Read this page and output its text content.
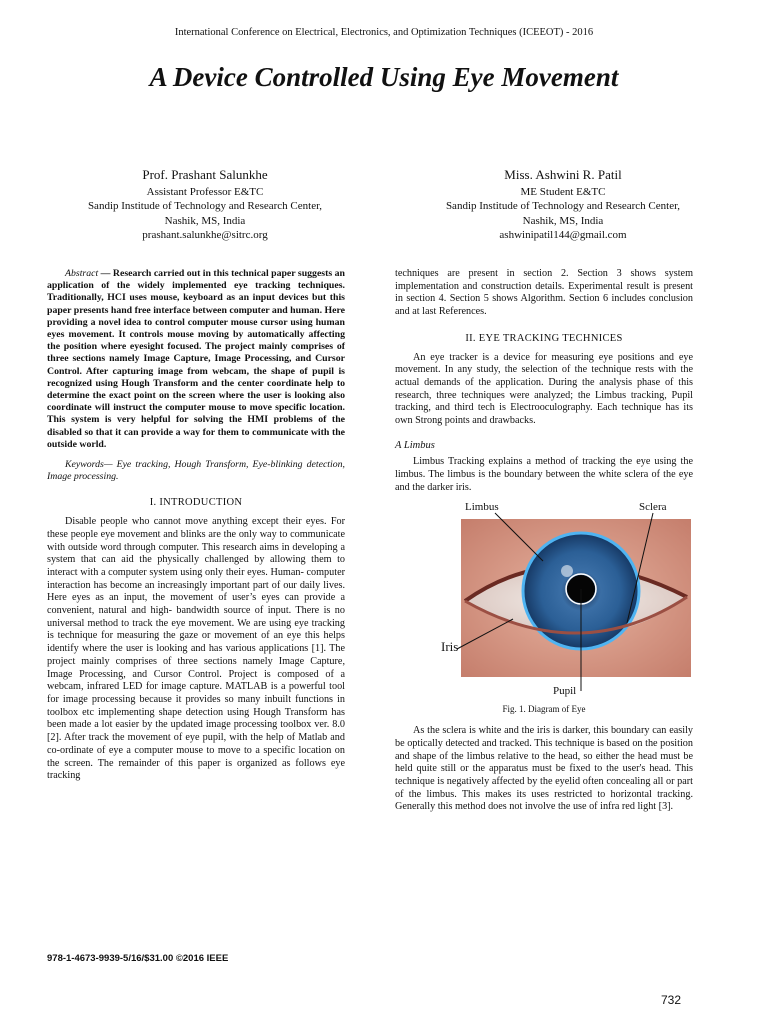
International Conference on Electrical, Electronics, and Optimization Techniques (ICEEOT) - 2016
A Device Controlled Using Eye Movement
Prof. Prashant Salunkhe
Assistant Professor E&TC
Sandip Institude of Technology and Research Center,
Nashik, MS, India
prashant.salunkhe@sitrc.org
Miss. Ashwini R. Patil
ME Student E&TC
Sandip Institude of Technology and Research Center,
Nashik, MS, India
ashwinipatil144@gmail.com

Abstract — Research carried out in this technical paper suggests an application of the widely implemented eye tracking techniques. Traditionally, HCI uses mouse, keyboard as an input devices but this paper presents hand free interface between computer and human. Here providing a novel idea to control computer mouse cursor using human eyes movement. It controls mouse moving by automatically affecting the position where eyesight focused. The project mainly comprises of three sections namely Image Capture, Image Processing, and Cursor Control. After capturing image from webcam, the shape of pupil is recognized using Hough Transform and the center coordinate help to determine the exact point on the screen where the user is looking also coordinate will instruct the computer mouse to move specific location. This system is very helpful for solving the HMI problems of the disabled so that it can provide a way for them to communicate with the outside world.

Keywords— Eye tracking, Hough Transform, Eye-blinking detection, Image processing.

I. INTRODUCTION

Disable people who cannot move anything except their eyes. For these people eye movement and blinks are the only way to communicate with outside word through computer. This research aims in developing a system that can aid the physically challenged by allowing them to interact with a computer system using only their eyes. Human- computer interaction has become an increasingly important part of our daily lives. Here eyes as an input, the movement of user’s eyes can provide a convenient, natural and high- bandwidth source of input. There is no universal method to track the eye movement. We are using eye tracking is technique for measuring the gaze or movement of an eye this helps identify where the user is looking and has various applications [1]. The project mainly comprises of three sections namely Image Capture, Image Processing, and Cursor Control. Project is composed of a webcam, infrared LED for image capture. MATLAB is a powerful tool for image processing because it provides so many inbuilt functions in toolbox etc implementing shape detection using Hough Transform has been made a lot easier by the updated image processing toolbox ver. 8.0 [2]. After track the movement of eye pupil, with the help of Matlab and co-ordinate of eye a computer mouse to move to a specific location on the screen. The remainder of this paper is organized as follows eye tracking

techniques are present in section 2. Section 3 shows system implementation and construction details. Experimental result is present in section 4. Section 5 shows Algorithm. Section 6 includes conclusion and at last References.

II. EYE TRACKING TECHNICES

An eye tracker is a device for measuring eye positions and eye movement. In any study, the selection of the technique rests with the actual demands of the application. During the analysis phase of this research, three techniques were analyzed; the Limbus tracking, Pupil tracking, and third tech is Electrooculography. Each technique has its own Strong points and drawbacks.

A Limbus

Limbus Tracking explains a method of tracking the eye using the limbus. The limbus is the boundary between the white sclera of the eye and the darker iris.

Limbus	Sclera
Iris
Pupil
Fig. 1. Diagram of Eye

As the sclera is white and the iris is darker, this boundary can easily be optically detected and tracked. This technique is based on the position and shape of the limbus relative to the head, so either the head must be held quite still or the apparatus must be fixed to the user's head. This technique is negatively affected by the eyelid often concealing all or part of the limbus. This makes its uses restricted to horizontal tracking. Generally this method does not involve the use of infra red light [3].

978-1-4673-9939-5/16/$31.00 ©2016 IEEE
732
